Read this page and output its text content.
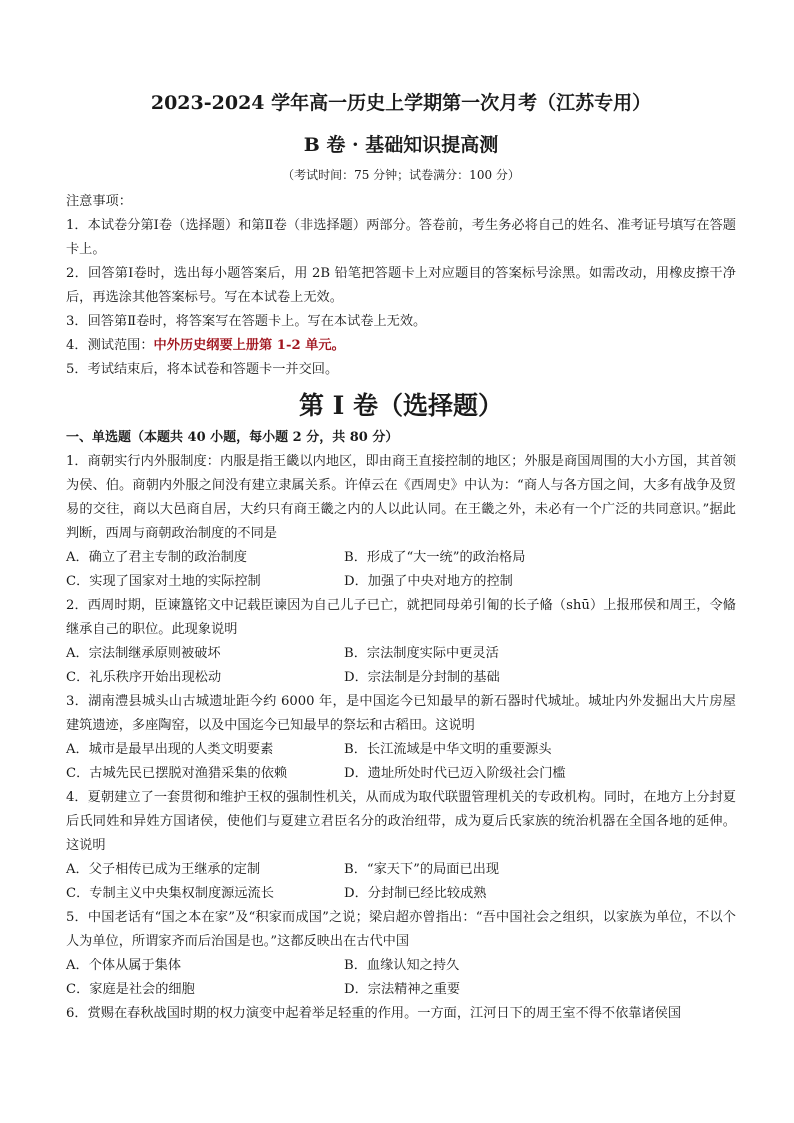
2023-2024 学年高一历史上学期第一次月考（江苏专用）
B 卷 · 基础知识提高测
（考试时间：75 分钟；试卷满分：100 分）

注意事项：

1．本试卷分第Ⅰ卷（选择题）和第Ⅱ卷（非选择题）两部分。答卷前，考生务必将自己的姓名、准考证号填写在答题卡上。

2．回答第Ⅰ卷时，选出每小题答案后，用 2B 铅笔把答题卡上对应题目的答案标号涂黑。如需改动，用橡皮擦干净后，再选涂其他答案标号。写在本试卷上无效。

3．回答第Ⅱ卷时，将答案写在答题卡上。写在本试卷上无效。

4．测试范围：中外历史纲要上册第 1-2 单元。

5．考试结束后，将本试卷和答题卡一并交回。

第 I 卷（选择题）
一、单选题（本题共 40 小题，每小题 2 分，共 80 分）

1．商朝实行内外服制度：内服是指王畿以内地区，即由商王直接控制的地区；外服是商国周围的大小方国，其首领为侯、伯。商朝内外服之间没有建立隶属关系。许倬云在《西周史》中认为：“商人与各方国之间，大多有战争及贸易的交往，商以大邑商自居，大约只有商王畿之内的人以此认同。在王畿之外，未必有一个广泛的共同意识。”据此判断，西周与商朝政治制度的不同是

A．确立了君主专制的政治制度	B．形成了“大一统”的政治格局
C．实现了国家对土地的实际控制	D．加强了中央对地方的控制

2．西周时期，臣谏簋铭文中记载臣谏因为自己儿子已亡，就把同母弟引匍的长子偹（shū）上报邢侯和周王，令偹继承自己的职位。此现象说明

A．宗法制继承原则被破坏	B．宗法制度实际中更灵活
C．礼乐秩序开始出现松动	D．宗法制是分封制的基础

3．湖南澧县城头山古城遗址距今约 6000 年，是中国迄今已知最早的新石器时代城址。城址内外发掘出大片房屋建筑遗迹，多座陶窑，以及中国迄今已知最早的祭坛和古稻田。这说明

A．城市是最早出现的人类文明要素	B．长江流域是中华文明的重要源头
C．古城先民已摆脱对渔猎采集的依赖	D．遗址所处时代已迈入阶级社会门槛

4．夏朝建立了一套贯彻和维护王权的强制性机关，从而成为取代联盟管理机关的专政机构。同时，在地方上分封夏后氏同姓和异姓方国诸侯，使他们与夏建立君臣名分的政治纽带，成为夏后氏家族的统治机器在全国各地的延伸。这说明

A．父子相传已成为王继承的定制	B．“家天下”的局面已出现
C．专制主义中央集权制度源远流长	D．分封制已经比较成熟

5．中国老话有“国之本在家”及“积家而成国”之说；梁启超亦曾指出：“吾中国社会之组织，以家族为单位，不以个人为单位，所谓家齐而后治国是也。”这都反映出在古代中国

A．个体从属于集体	B．血缘认知之持久
C．家庭是社会的细胞	D．宗法精神之重要

6．赏赐在春秋战国时期的权力演变中起着举足轻重的作用。一方面，江河日下的周王室不得不依靠诸侯国
